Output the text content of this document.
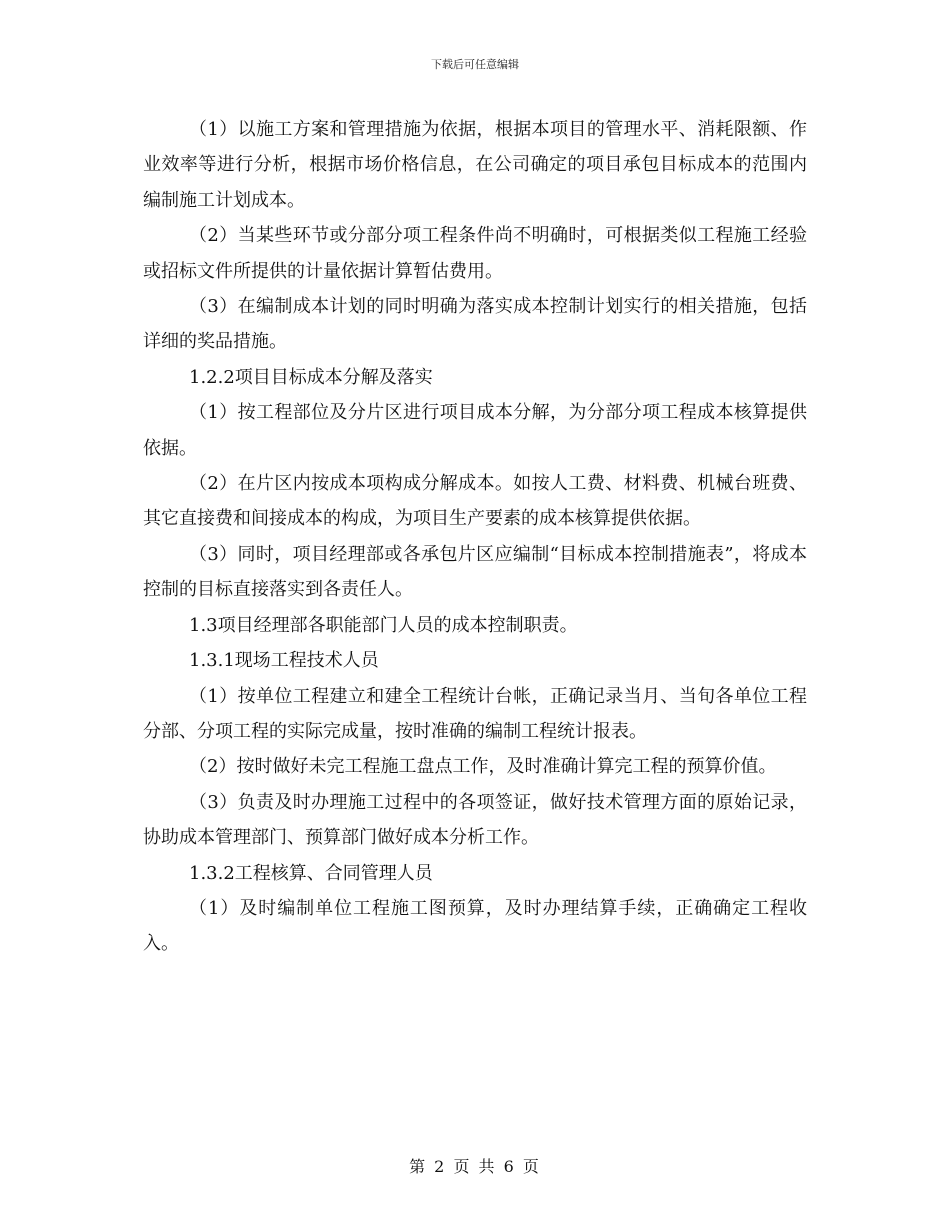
下载后可任意编辑

（1）以施工方案和管理措施为依据，根据本项目的管理水平、消耗限额、作业效率等进行分析，根据市场价格信息，在公司确定的项目承包目标成本的范围内编制施工计划成本。

（2）当某些环节或分部分项工程条件尚不明确时，可根据类似工程施工经验或招标文件所提供的计量依据计算暂估费用。

（3）在编制成本计划的同时明确为落实成本控制计划实行的相关措施，包括详细的奖品措施。

1.2.2项目目标成本分解及落实

（1）按工程部位及分片区进行项目成本分解，为分部分项工程成本核算提供依据。

（2）在片区内按成本项构成分解成本。如按人工费、材料费、机械台班费、其它直接费和间接成本的构成，为项目生产要素的成本核算提供依据。

（3）同时，项目经理部或各承包片区应编制“目标成本控制措施表”，将成本控制的目标直接落实到各责任人。

1.3项目经理部各职能部门人员的成本控制职责。

1.3.1现场工程技术人员

（1）按单位工程建立和建全工程统计台帐，正确记录当月、当旬各单位工程分部、分项工程的实际完成量，按时准确的编制工程统计报表。

（2）按时做好未完工程施工盘点工作，及时准确计算完工程的预算价值。

（3）负责及时办理施工过程中的各项签证，做好技术管理方面的原始记录，协助成本管理部门、预算部门做好成本分析工作。

1.3.2工程核算、合同管理人员

（1）及时编制单位工程施工图预算，及时办理结算手续，正确确定工程收入。

第 2 页 共 6 页
